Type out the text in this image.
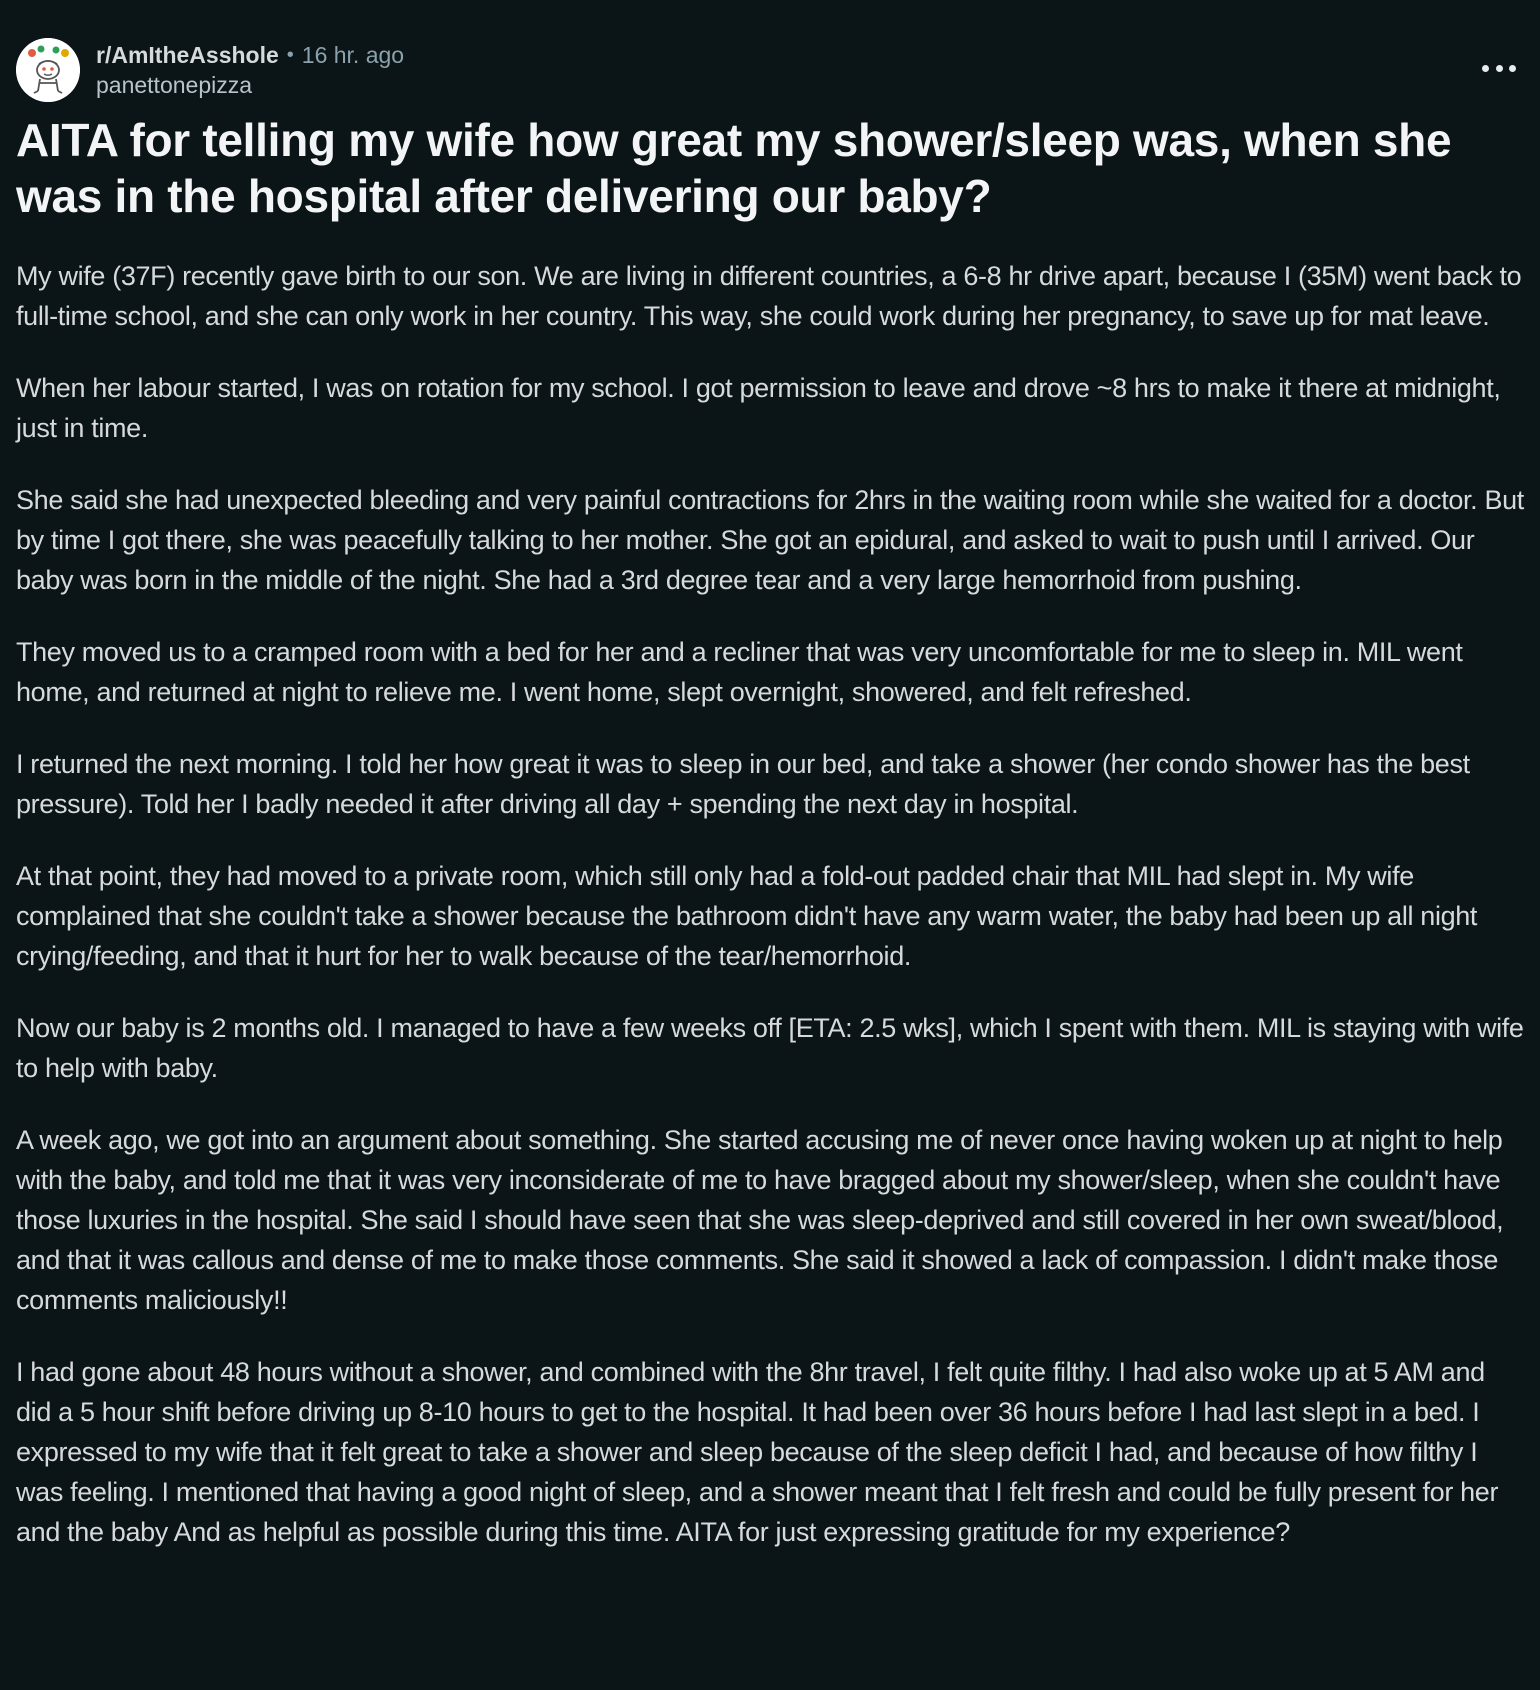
r/AmItheAsshole • 16 hr. ago
panettonepizza
AITA for telling my wife how great my shower/sleep was, when she was in the hospital after delivering our baby?

My wife (37F) recently gave birth to our son. We are living in different countries, a 6-8 hr drive apart, because I (35M) went back to full-time school, and she can only work in her country. This way, she could work during her pregnancy, to save up for mat leave.

When her labour started, I was on rotation for my school. I got permission to leave and drove ~8 hrs to make it there at midnight, just in time.

She said she had unexpected bleeding and very painful contractions for 2hrs in the waiting room while she waited for a doctor. But by time I got there, she was peacefully talking to her mother. She got an epidural, and asked to wait to push until I arrived. Our baby was born in the middle of the night. She had a 3rd degree tear and a very large hemorrhoid from pushing.

They moved us to a cramped room with a bed for her and a recliner that was very uncomfortable for me to sleep in. MIL went home, and returned at night to relieve me. I went home, slept overnight, showered, and felt refreshed.

I returned the next morning. I told her how great it was to sleep in our bed, and take a shower (her condo shower has the best pressure). Told her I badly needed it after driving all day + spending the next day in hospital.

At that point, they had moved to a private room, which still only had a fold-out padded chair that MIL had slept in. My wife complained that she couldn't take a shower because the bathroom didn't have any warm water, the baby had been up all night crying/feeding, and that it hurt for her to walk because of the tear/hemorrhoid.

Now our baby is 2 months old. I managed to have a few weeks off [ETA: 2.5 wks], which I spent with them. MIL is staying with wife to help with baby.

A week ago, we got into an argument about something. She started accusing me of never once having woken up at night to help with the baby, and told me that it was very inconsiderate of me to have bragged about my shower/sleep, when she couldn't have those luxuries in the hospital. She said I should have seen that she was sleep-deprived and still covered in her own sweat/blood, and that it was callous and dense of me to make those comments. She said it showed a lack of compassion. I didn't make those comments maliciously!!

I had gone about 48 hours without a shower, and combined with the 8hr travel, I felt quite filthy. I had also woke up at 5 AM and did a 5 hour shift before driving up 8-10 hours to get to the hospital. It had been over 36 hours before I had last slept in a bed. I expressed to my wife that it felt great to take a shower and sleep because of the sleep deficit I had, and because of how filthy I was feeling. I mentioned that having a good night of sleep, and a shower meant that I felt fresh and could be fully present for her and the baby And as helpful as possible during this time. AITA for just expressing gratitude for my experience?
